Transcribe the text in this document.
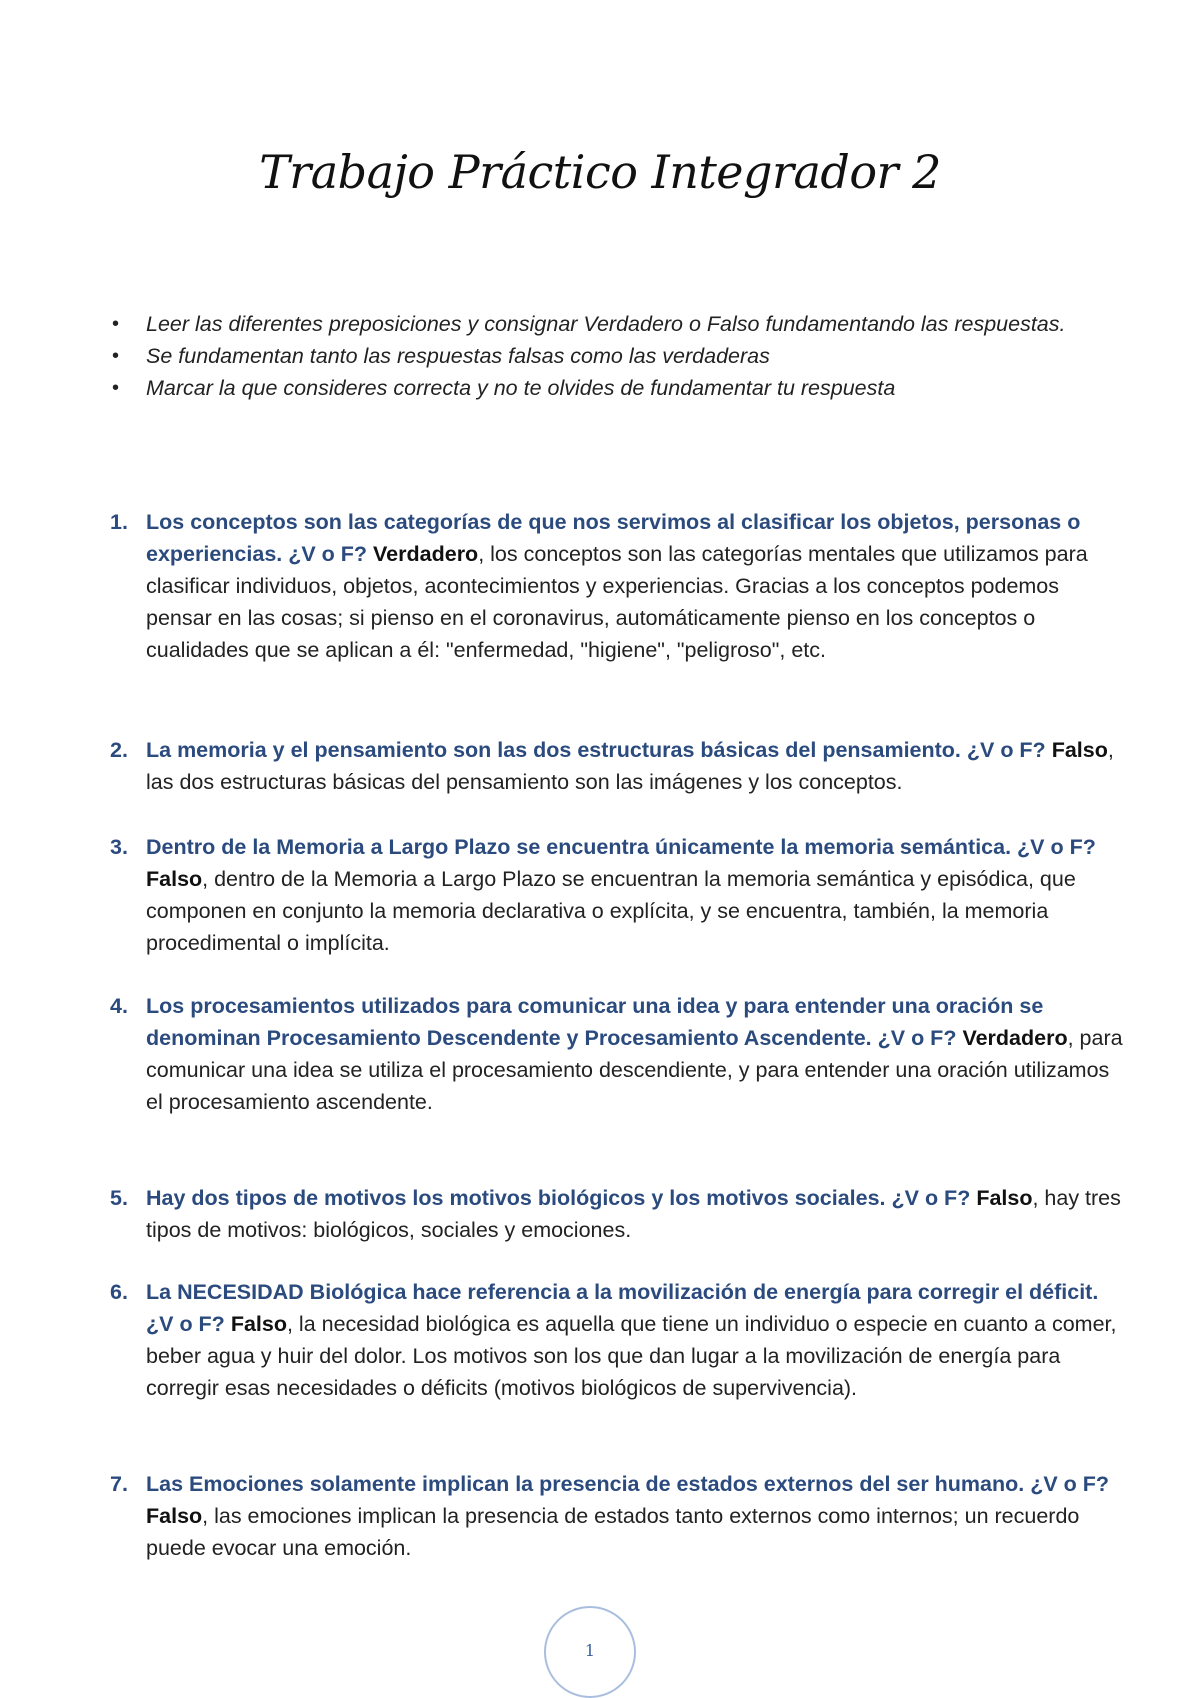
Trabajo Práctico Integrador 2
• Leer las diferentes preposiciones y consignar Verdadero o Falso fundamentando las respuestas.
• Se fundamentan tanto las respuestas falsas como las verdaderas
• Marcar la que consideres correcta y no te olvides de fundamentar tu respuesta
1. Los conceptos son las categorías de que nos servimos al clasificar los objetos, personas o experiencias. ¿V o F? Verdadero, los conceptos son las categorías mentales que utilizamos para clasificar individuos, objetos, acontecimientos y experiencias. Gracias a los conceptos podemos pensar en las cosas; si pienso en el coronavirus, automáticamente pienso en los conceptos o cualidades que se aplican a él: "enfermedad, "higiene", "peligroso", etc.
2. La memoria y el pensamiento son las dos estructuras básicas del pensamiento. ¿V o F? Falso, las dos estructuras básicas del pensamiento son las imágenes y los conceptos.
3. Dentro de la Memoria a Largo Plazo se encuentra únicamente la memoria semántica. ¿V o F? Falso, dentro de la Memoria a Largo Plazo se encuentran la memoria semántica y episódica, que componen en conjunto la memoria declarativa o explícita, y se encuentra, también, la memoria procedimental o implícita.
4. Los procesamientos utilizados para comunicar una idea y para entender una oración se denominan Procesamiento Descendente y Procesamiento Ascendente. ¿V o F? Verdadero, para comunicar una idea se utiliza el procesamiento descendiente, y para entender una oración utilizamos el procesamiento ascendente.
5. Hay dos tipos de motivos los motivos biológicos y los motivos sociales. ¿V o F? Falso, hay tres tipos de motivos: biológicos, sociales y emociones.
6. La NECESIDAD Biológica hace referencia a la movilización de energía para corregir el déficit. ¿V o F? Falso, la necesidad biológica es aquella que tiene un individuo o especie en cuanto a comer, beber agua y huir del dolor. Los motivos son los que dan lugar a la movilización de energía para corregir esas necesidades o déficits (motivos biológicos de supervivencia).
7. Las Emociones solamente implican la presencia de estados externos del ser humano. ¿V o F? Falso, las emociones implican la presencia de estados tanto externos como internos; un recuerdo puede evocar una emoción.
1
